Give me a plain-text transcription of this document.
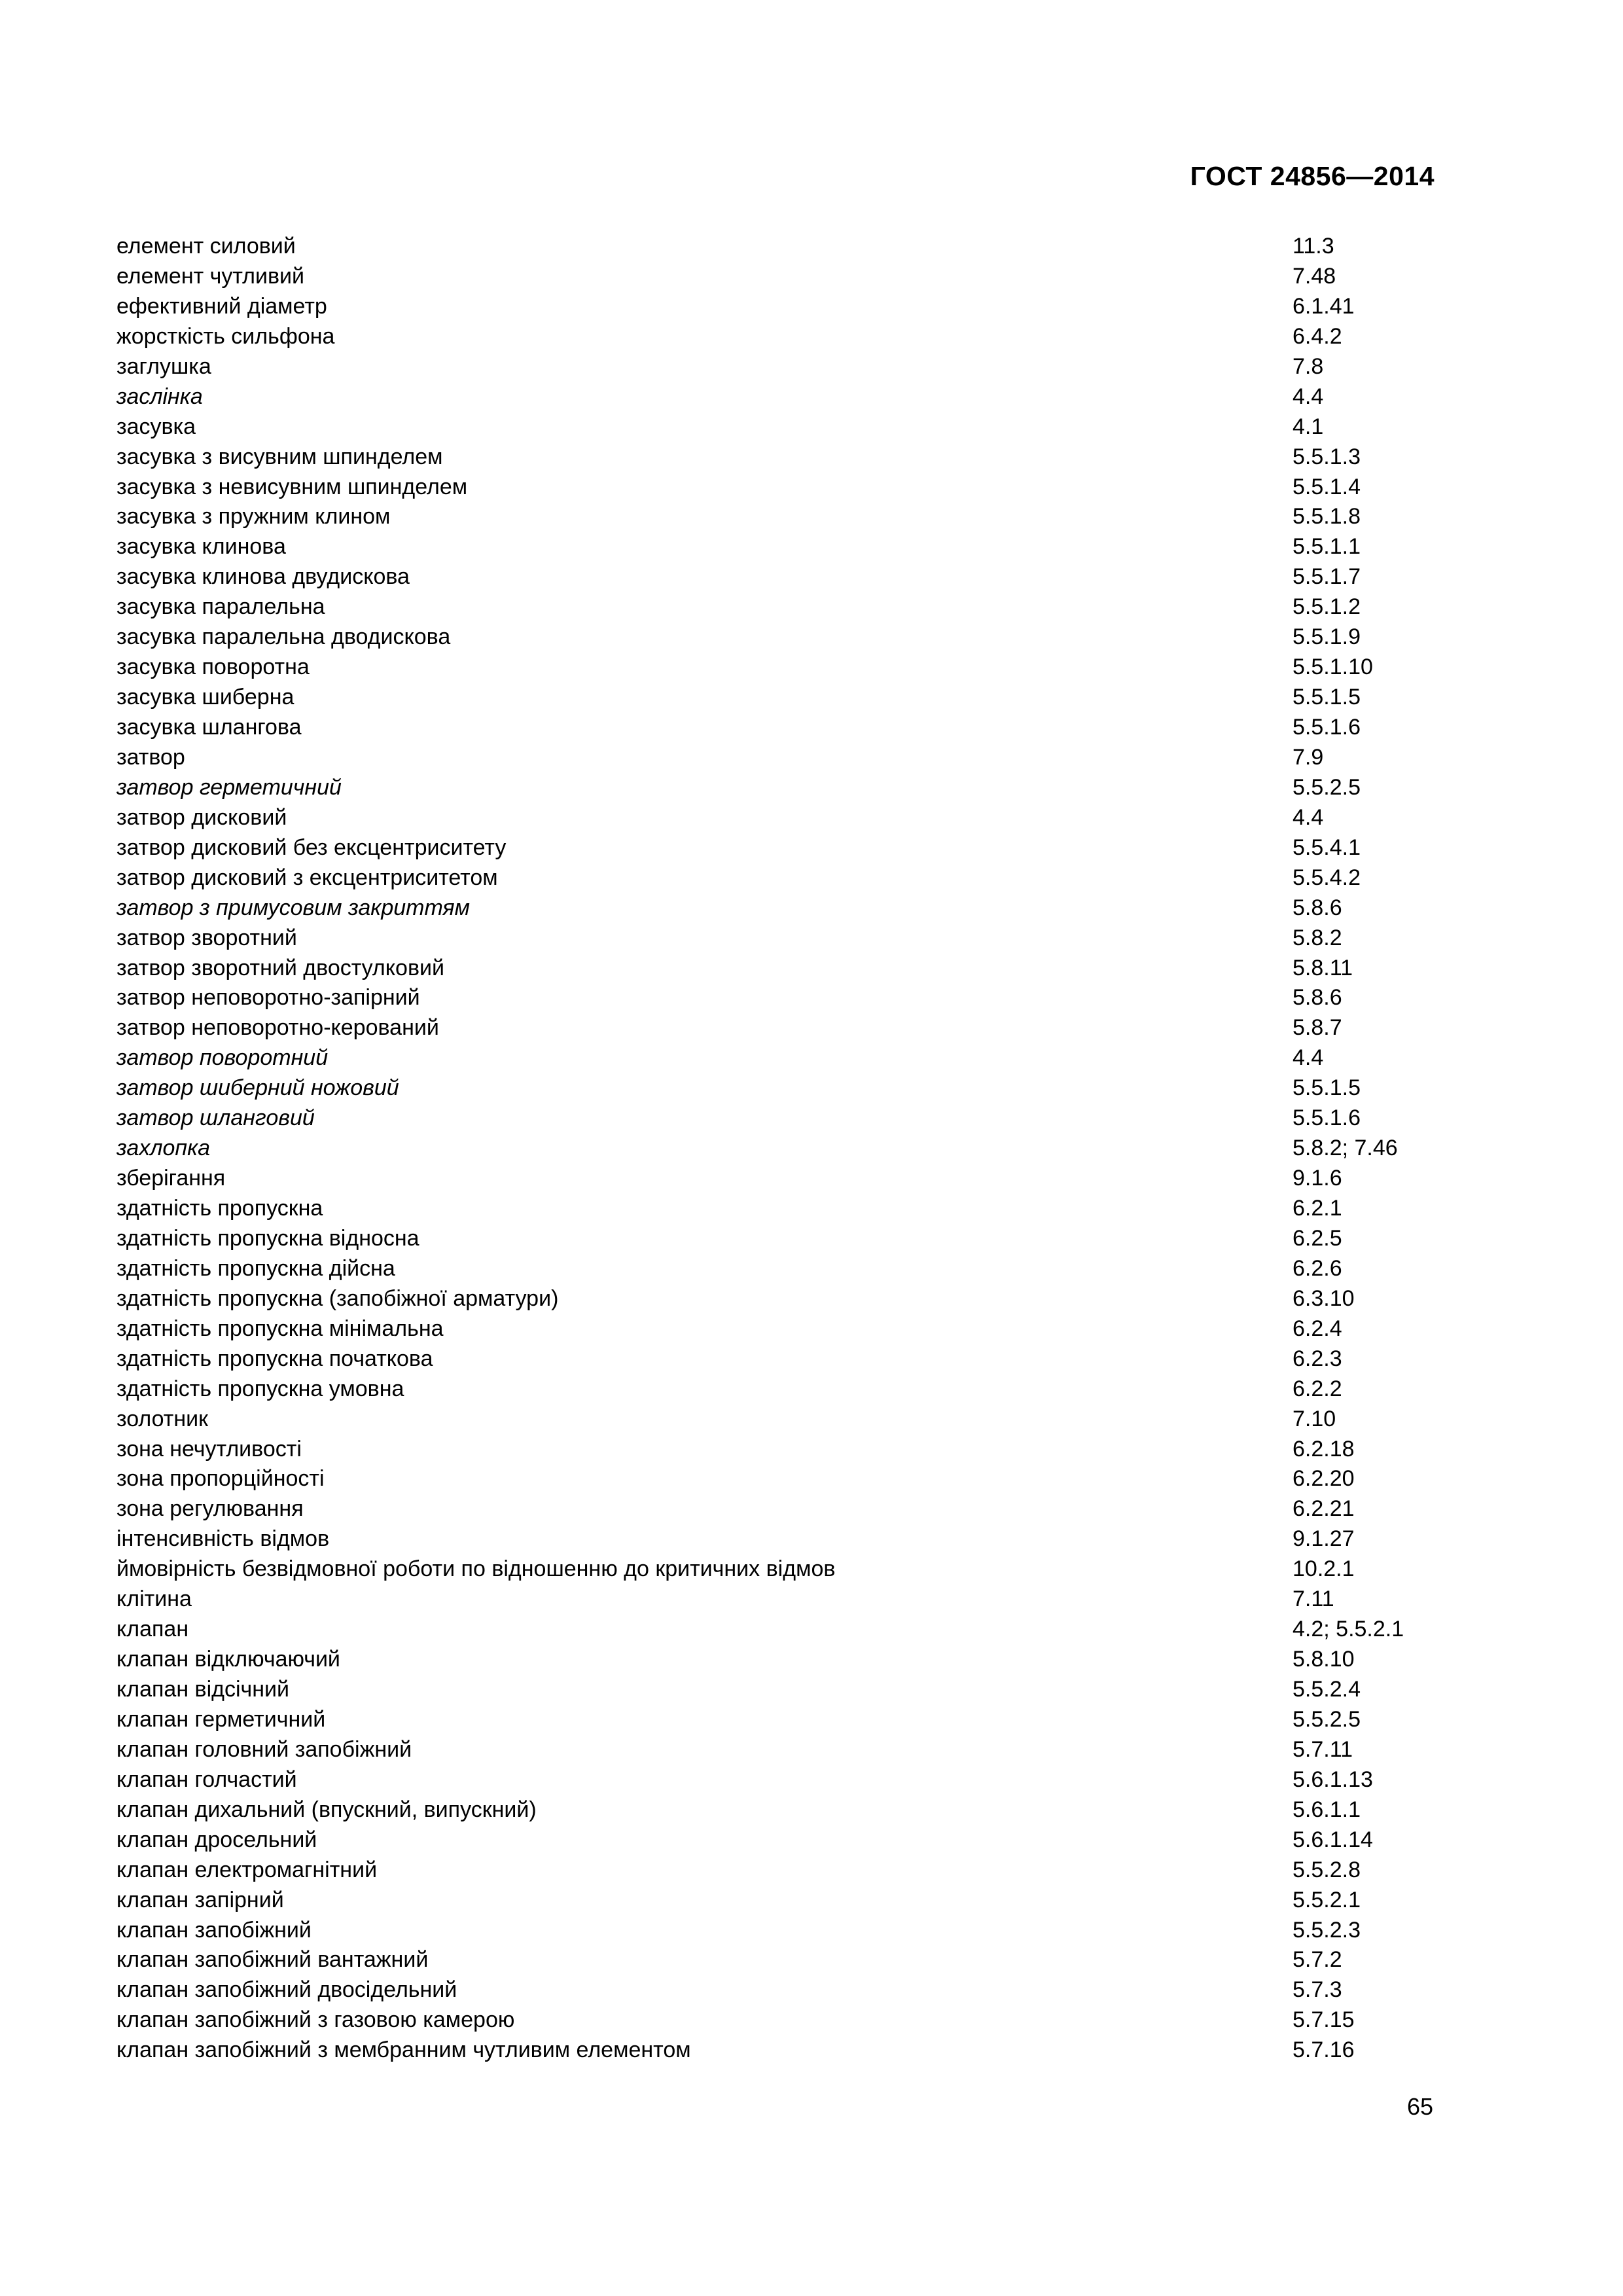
ГОСТ 24856—2014
елемент силовий	11.3
елемент чутливий	7.48
ефективний діаметр	6.1.41
жорсткість сильфона	6.4.2
заглушка	7.8
заслінка	4.4
засувка	4.1
засувка з висувним шпинделем	5.5.1.3
засувка з невисувним шпинделем	5.5.1.4
засувка з пружним клином	5.5.1.8
засувка клинова	5.5.1.1
засувка клинова двудискова	5.5.1.7
засувка паралельна	5.5.1.2
засувка паралельна дводискова	5.5.1.9
засувка поворотна	5.5.1.10
засувка шиберна	5.5.1.5
засувка шлангова	5.5.1.6
затвор	7.9
затвор герметичний	5.5.2.5
затвор дисковий	4.4
затвор дисковий без ексцентриситету	5.5.4.1
затвор дисковий з ексцентриситетом	5.5.4.2
затвор з примусовим закриттям	5.8.6
затвор зворотний	5.8.2
затвор зворотний двостулковий	5.8.11
затвор неповоротно-запірний	5.8.6
затвор неповоротно-керований	5.8.7
затвор поворотний	4.4
затвор шиберний ножовий	5.5.1.5
затвор шланговий	5.5.1.6
захлопка	5.8.2; 7.46
зберігання	9.1.6
здатність пропускна	6.2.1
здатність пропускна відносна	6.2.5
здатність пропускна дійсна	6.2.6
здатність пропускна (запобіжної арматури)	6.3.10
здатність пропускна мінімальна	6.2.4
здатність пропускна початкова	6.2.3
здатність пропускна умовна	6.2.2
золотник	7.10
зона нечутливості	6.2.18
зона пропорційності	6.2.20
зона регулювання	6.2.21
інтенсивність відмов	9.1.27
ймовірність безвідмовної роботи по відношенню до критичних відмов	10.2.1
клітина	7.11
клапан	4.2; 5.5.2.1
клапан відключаючий	5.8.10
клапан відсічний	5.5.2.4
клапан герметичний	5.5.2.5
клапан головний запобіжний	5.7.11
клапан голчастий	5.6.1.13
клапан дихальний (впускний, випускний)	5.6.1.1
клапан дросельний	5.6.1.14
клапан електромагнітний	5.5.2.8
клапан запірний	5.5.2.1
клапан запобіжний	5.5.2.3
клапан запобіжний вантажний	5.7.2
клапан запобіжний двосідельний	5.7.3
клапан запобіжний з газовою камерою	5.7.15
клапан запобіжний з мембранним чутливим елементом	5.7.16
65
